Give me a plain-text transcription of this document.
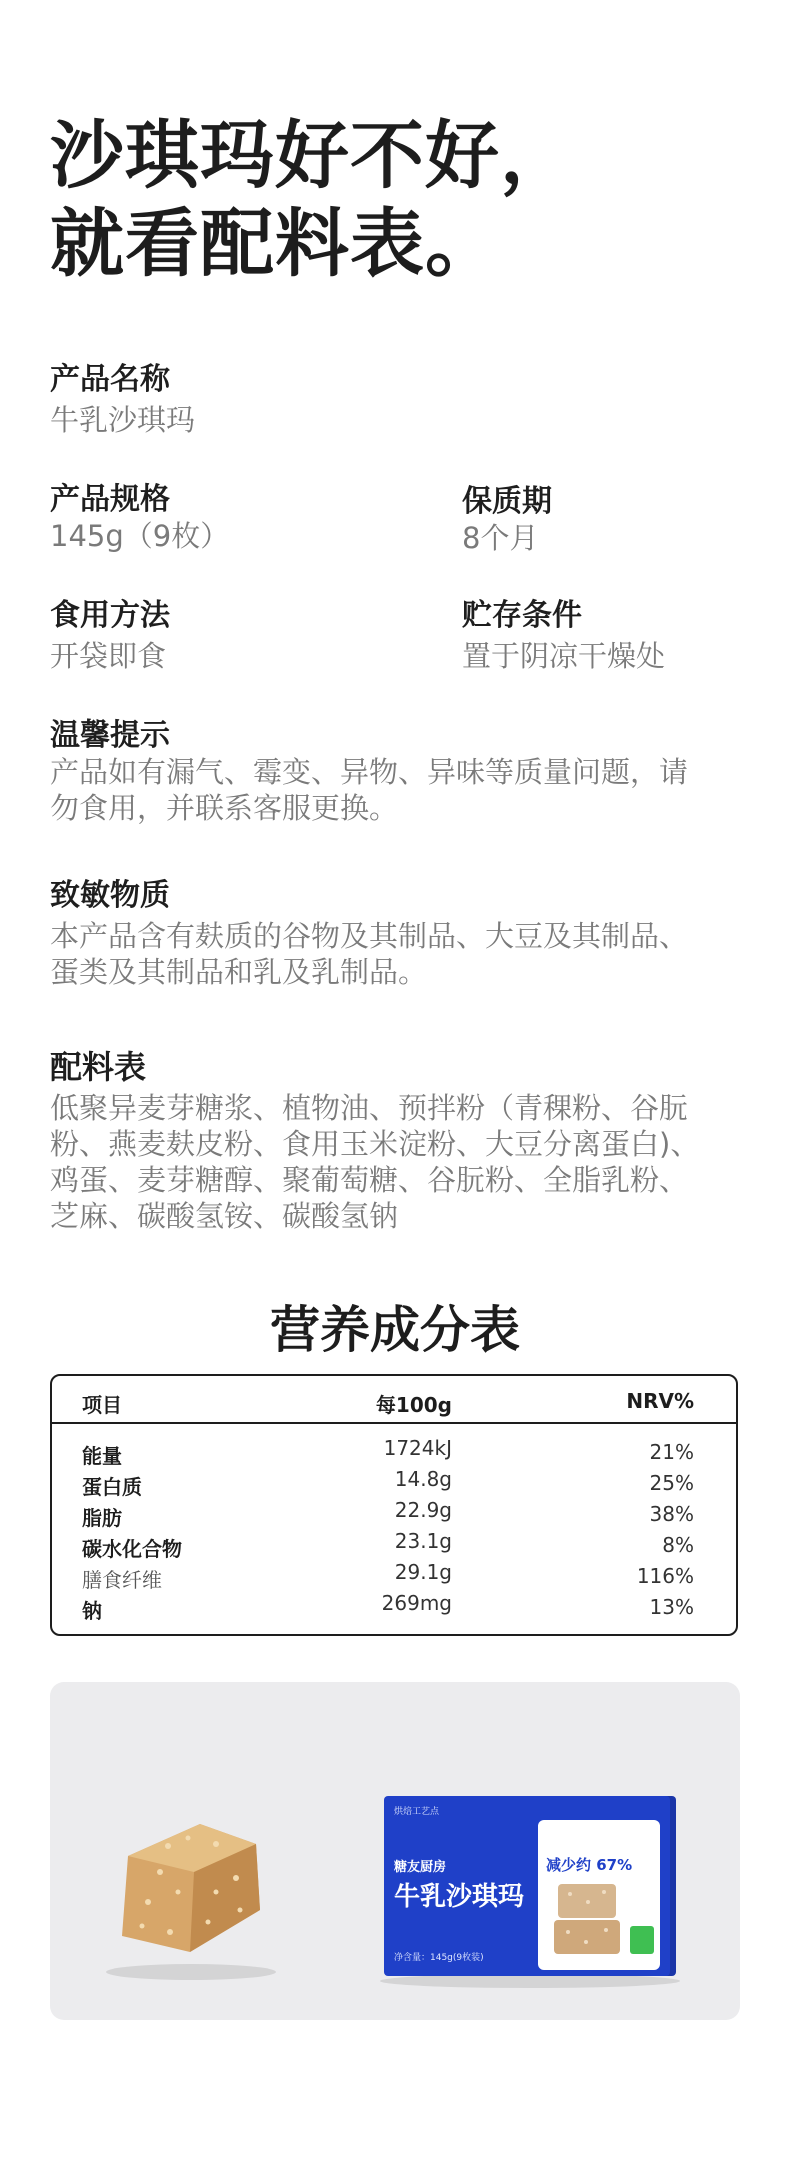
沙琪玛好不好，
就看配料表。
产品名称
牛乳沙琪玛
产品规格
145g（9枚）
保质期
8个月
食用方法
开袋即食
贮存条件
置于阴凉干燥处
温馨提示
产品如有漏气、霉变、异物、异味等质量问题，请
勿食用，并联系客服更换。
致敏物质
本产品含有麸质的谷物及其制品、大豆及其制品、
蛋类及其制品和乳及乳制品。
配料表
低聚异麦芽糖浆、植物油、预拌粉（青稞粉、谷朊
粉、燕麦麸皮粉、食用玉米淀粉、大豆分离蛋白)、
鸡蛋、麦芽糖醇、聚葡萄糖、谷朊粉、全脂乳粉、
芝麻、碳酸氢铵、碳酸氢钠
营养成分表
项目	每100g	NRV%
能量	1724kJ	21%
蛋白质	14.8g	25%
脂肪	22.9g	38%
碳水化合物	23.1g	8%
膳食纤维	29.1g	116%
钠	269mg	13%
烘焙工艺点
糖友厨房
牛乳沙琪玛
净含量：145g(9枚装)
减少约 67%
